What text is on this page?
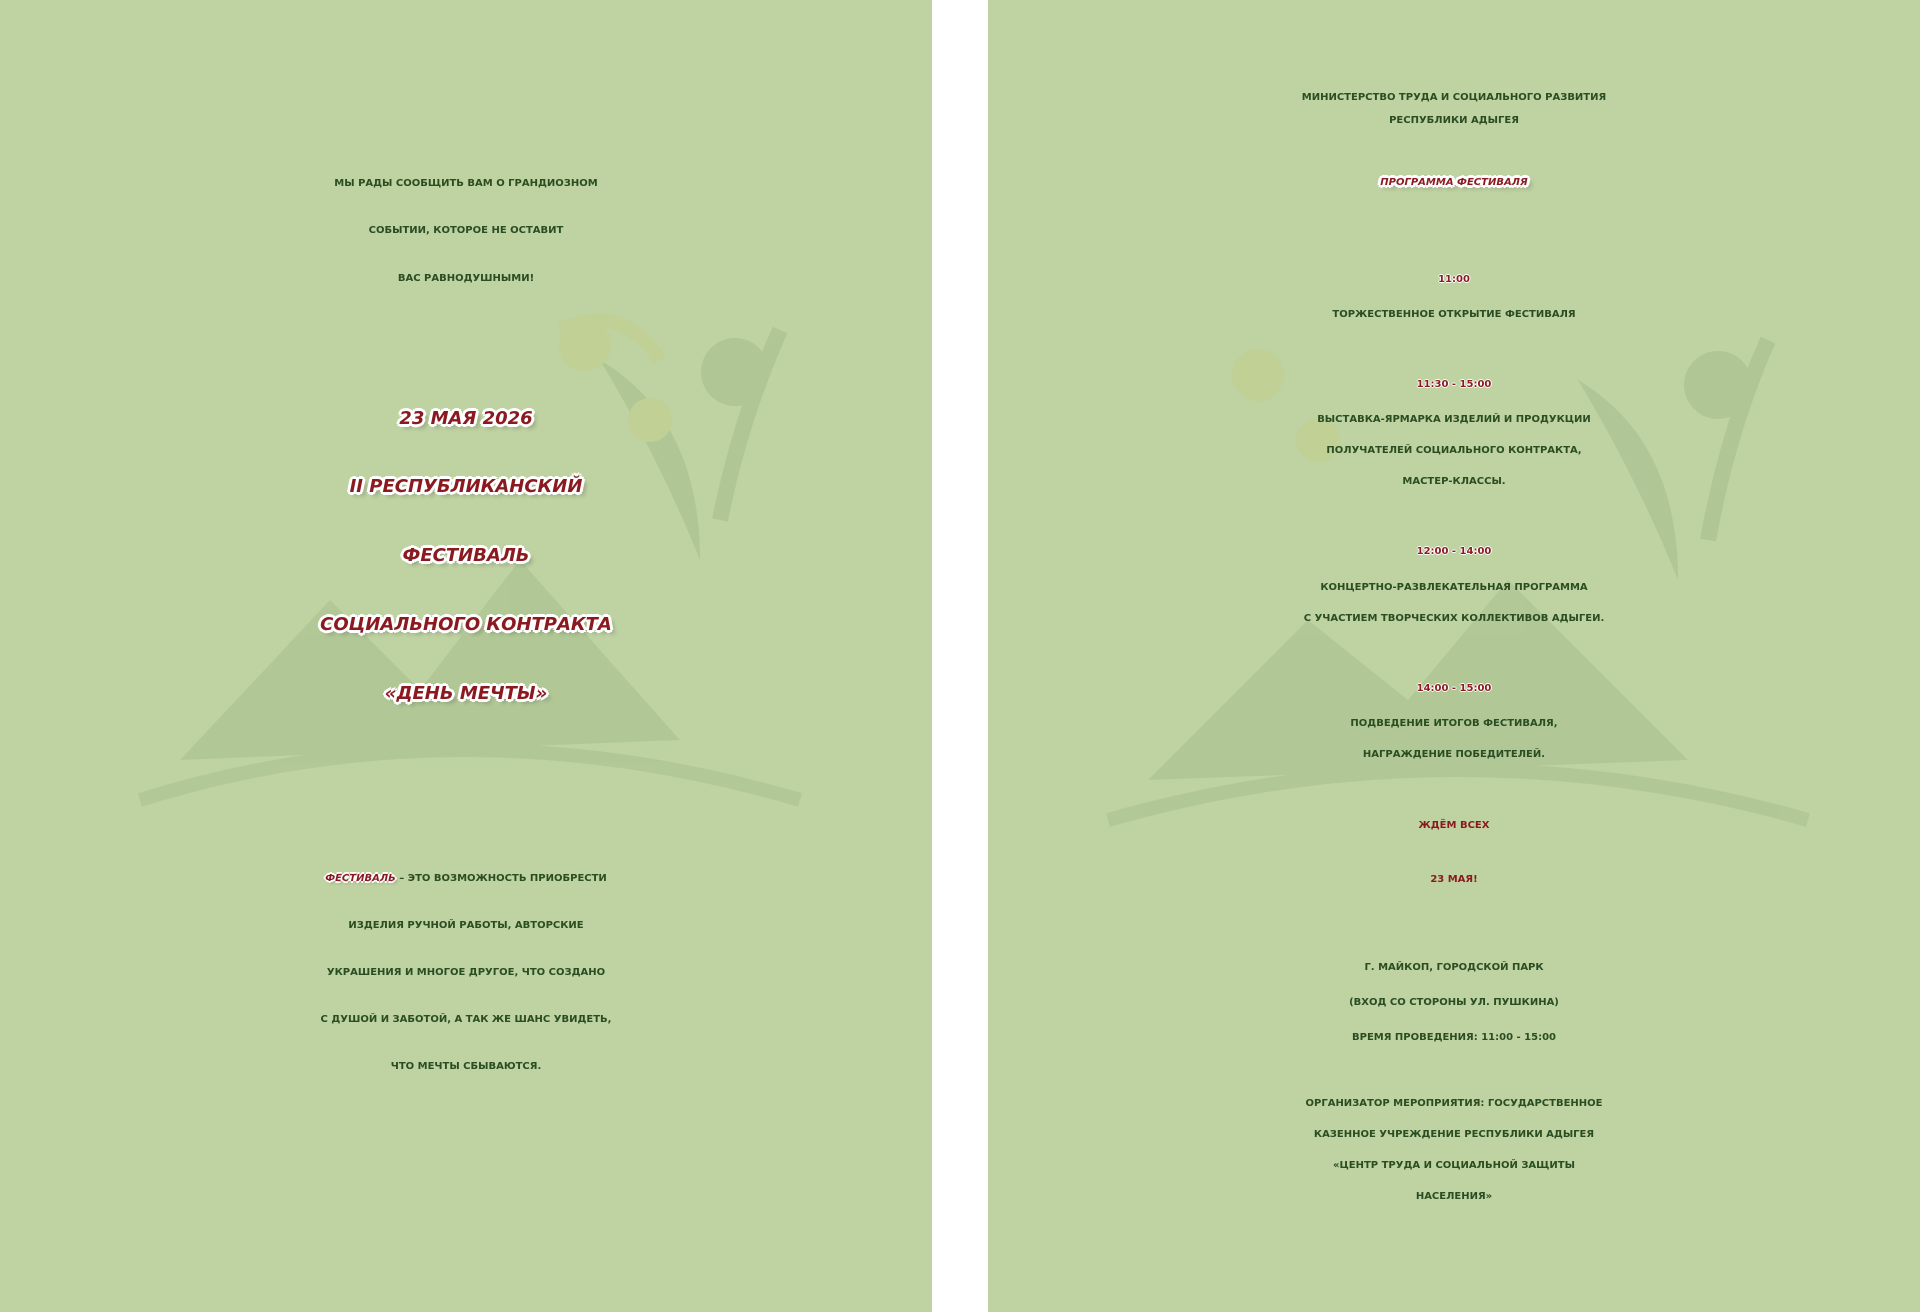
МЫ РАДЫ СООБЩИТЬ ВАМ О ГРАНДИОЗНОМ
СОБЫТИИ, КОТОРОЕ НЕ ОСТАВИТ
ВАС РАВНОДУШНЫМИ!
23 МАЯ 2026
II РЕСПУБЛИКАНСКИЙ
ФЕСТИВАЛЬ
СОЦИАЛЬНОГО КОНТРАКТА
«ДЕНЬ МЕЧТЫ»
ФЕСТИВАЛЬ – ЭТО ВОЗМОЖНОСТЬ ПРИОБРЕСТИ
ИЗДЕЛИЯ РУЧНОЙ РАБОТЫ, АВТОРСКИЕ
УКРАШЕНИЯ И МНОГОЕ ДРУГОЕ, ЧТО СОЗДАНО
С ДУШОЙ И ЗАБОТОЙ, А ТАК ЖЕ ШАНС УВИДЕТЬ,
ЧТО МЕЧТЫ СБЫВАЮТСЯ.
МИНИСТЕРСТВО ТРУДА И СОЦИАЛЬНОГО РАЗВИТИЯ
РЕСПУБЛИКИ АДЫГЕЯ
ПРОГРАММА ФЕСТИВАЛЯ
11:00
ТОРЖЕСТВЕННОЕ ОТКРЫТИЕ ФЕСТИВАЛЯ
11:30 - 15:00
ВЫСТАВКА-ЯРМАРКА ИЗДЕЛИЙ И ПРОДУКЦИИ
ПОЛУЧАТЕЛЕЙ СОЦИАЛЬНОГО КОНТРАКТА,
МАСТЕР-КЛАССЫ.
12:00 - 14:00
КОНЦЕРТНО-РАЗВЛЕКАТЕЛЬНАЯ ПРОГРАММА
С УЧАСТИЕМ ТВОРЧЕСКИХ КОЛЛЕКТИВОВ АДЫГЕИ.
14:00 - 15:00
ПОДВЕДЕНИЕ ИТОГОВ ФЕСТИВАЛЯ,
НАГРАЖДЕНИЕ ПОБЕДИТЕЛЕЙ.
ЖДЁМ ВСЕХ
23 МАЯ!
Г. МАЙКОП, ГОРОДСКОЙ ПАРК
(ВХОД СО СТОРОНЫ УЛ. ПУШКИНА)
ВРЕМЯ ПРОВЕДЕНИЯ: 11:00 - 15:00
ОРГАНИЗАТОР МЕРОПРИЯТИЯ: ГОСУДАРСТВЕННОЕ
КАЗЕННОЕ УЧРЕЖДЕНИЕ РЕСПУБЛИКИ АДЫГЕЯ
«ЦЕНТР ТРУДА И СОЦИАЛЬНОЙ ЗАЩИТЫ
НАСЕЛЕНИЯ»
